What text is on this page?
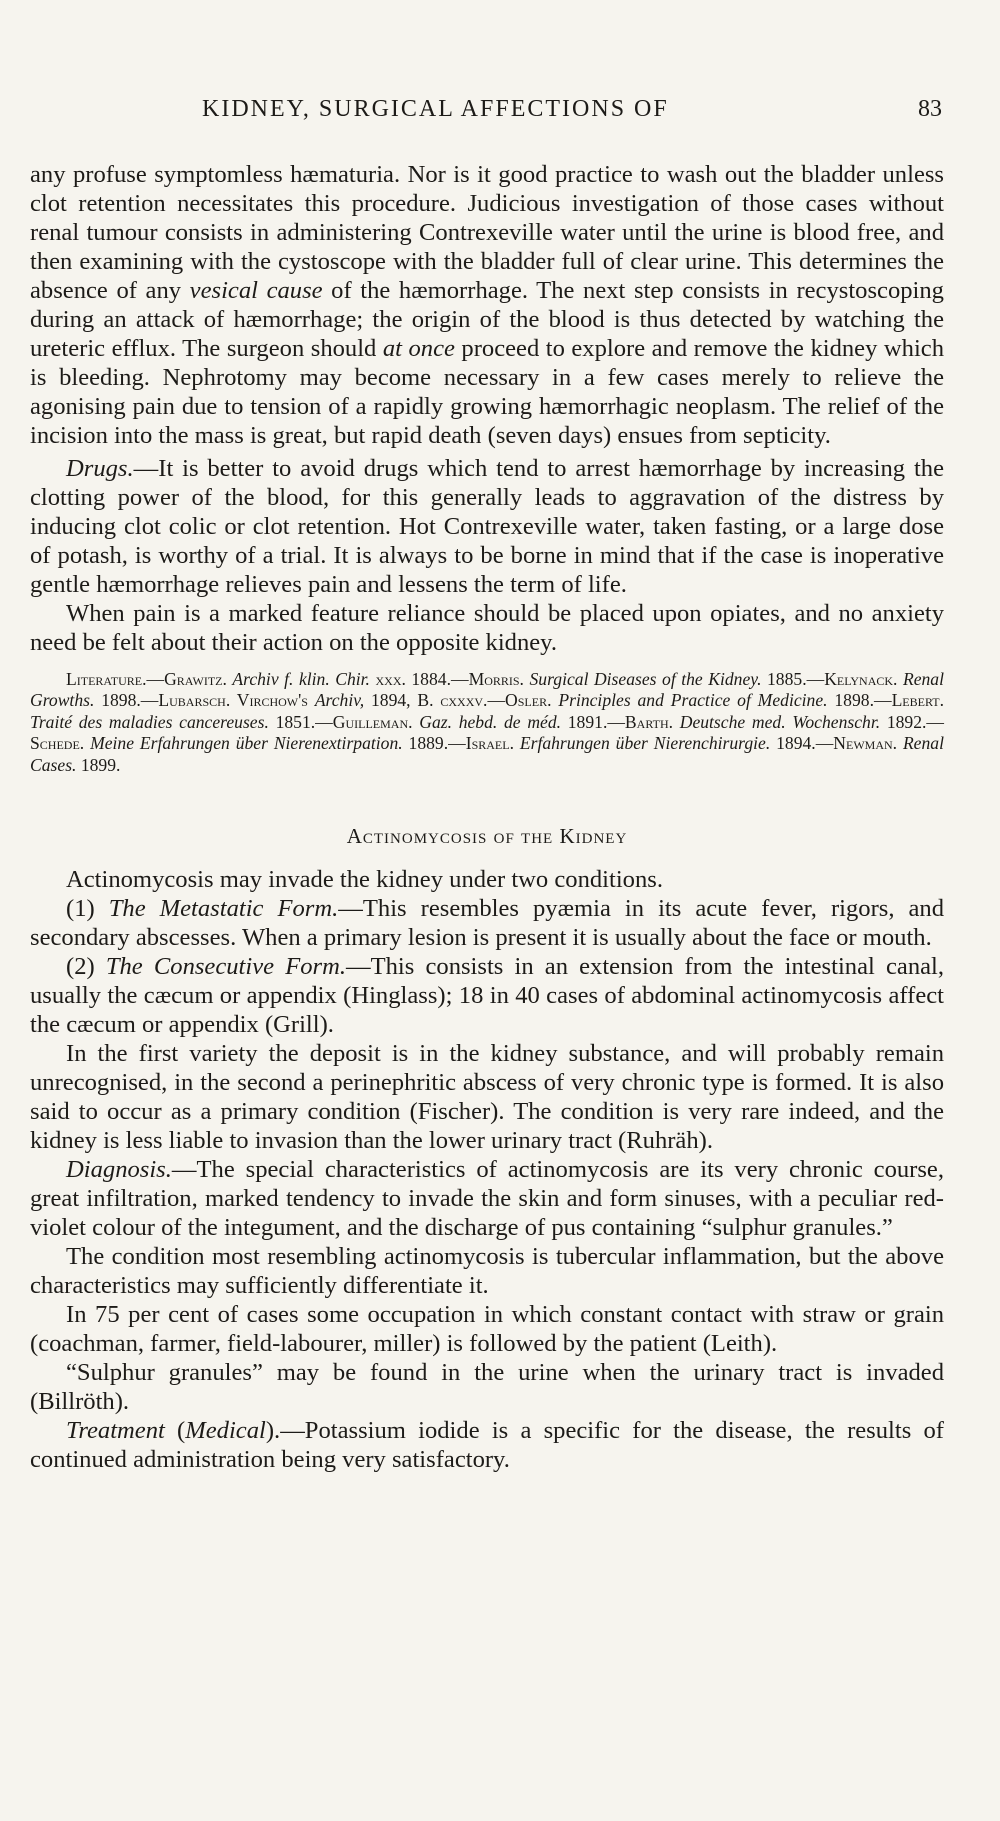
KIDNEY, SURGICAL AFFECTIONS OF	83

any profuse symptomless hæmaturia. Nor is it good practice to wash out the bladder unless clot retention necessitates this procedure. Judicious investigation of those cases without renal tumour consists in administering Contrexeville water until the urine is blood free, and then examining with the cystoscope with the bladder full of clear urine. This determines the absence of any vesical cause of the hæmorrhage. The next step consists in recystoscoping during an attack of hæmorrhage; the origin of the blood is thus detected by watching the ureteric efflux. The surgeon should at once proceed to explore and remove the kidney which is bleeding. Nephrotomy may become necessary in a few cases merely to relieve the agonising pain due to tension of a rapidly growing hæmorrhagic neoplasm. The relief of the incision into the mass is great, but rapid death (seven days) ensues from septicity.

Drugs.—It is better to avoid drugs which tend to arrest hæmorrhage by increasing the clotting power of the blood, for this generally leads to aggravation of the distress by inducing clot colic or clot retention. Hot Contrexeville water, taken fasting, or a large dose of potash, is worthy of a trial. It is always to be borne in mind that if the case is inoperative gentle hæmorrhage relieves pain and lessens the term of life.

When pain is a marked feature reliance should be placed upon opiates, and no anxiety need be felt about their action on the opposite kidney.

Literature.—Grawitz. Archiv f. klin. Chir. xxx. 1884.—Morris. Surgical Diseases of the Kidney. 1885.—Kelynack. Renal Growths. 1898.—Lubarsch. Virchow's Archiv, 1894, B. cxxxv.—Osler. Principles and Practice of Medicine. 1898.—Lebert. Traité des maladies cancereuses. 1851.—Guilleman. Gaz. hebd. de méd. 1891.—Barth. Deutsche med. Wochenschr. 1892.—Schede. Meine Erfahrungen über Nierenextirpation. 1889.—Israel. Erfahrungen über Nierenchirurgie. 1894.—Newman. Renal Cases. 1899.

Actinomycosis of the Kidney

Actinomycosis may invade the kidney under two conditions.

(1) The Metastatic Form.—This resembles pyæmia in its acute fever, rigors, and secondary abscesses. When a primary lesion is present it is usually about the face or mouth.

(2) The Consecutive Form.—This consists in an extension from the intestinal canal, usually the cæcum or appendix (Hinglass); 18 in 40 cases of abdominal actinomycosis affect the cæcum or appendix (Grill).

In the first variety the deposit is in the kidney substance, and will probably remain unrecognised, in the second a perinephritic abscess of very chronic type is formed. It is also said to occur as a primary condition (Fischer). The condition is very rare indeed, and the kidney is less liable to invasion than the lower urinary tract (Ruhräh).

Diagnosis.—The special characteristics of actinomycosis are its very chronic course, great infiltration, marked tendency to invade the skin and form sinuses, with a peculiar red-violet colour of the integument, and the discharge of pus containing “sulphur granules.”

The condition most resembling actinomycosis is tubercular inflammation, but the above characteristics may sufficiently differentiate it.

In 75 per cent of cases some occupation in which constant contact with straw or grain (coachman, farmer, field-labourer, miller) is followed by the patient (Leith).

“Sulphur granules” may be found in the urine when the urinary tract is invaded (Billröth).

Treatment (Medical).—Potassium iodide is a specific for the disease, the results of continued administration being very satisfactory.
